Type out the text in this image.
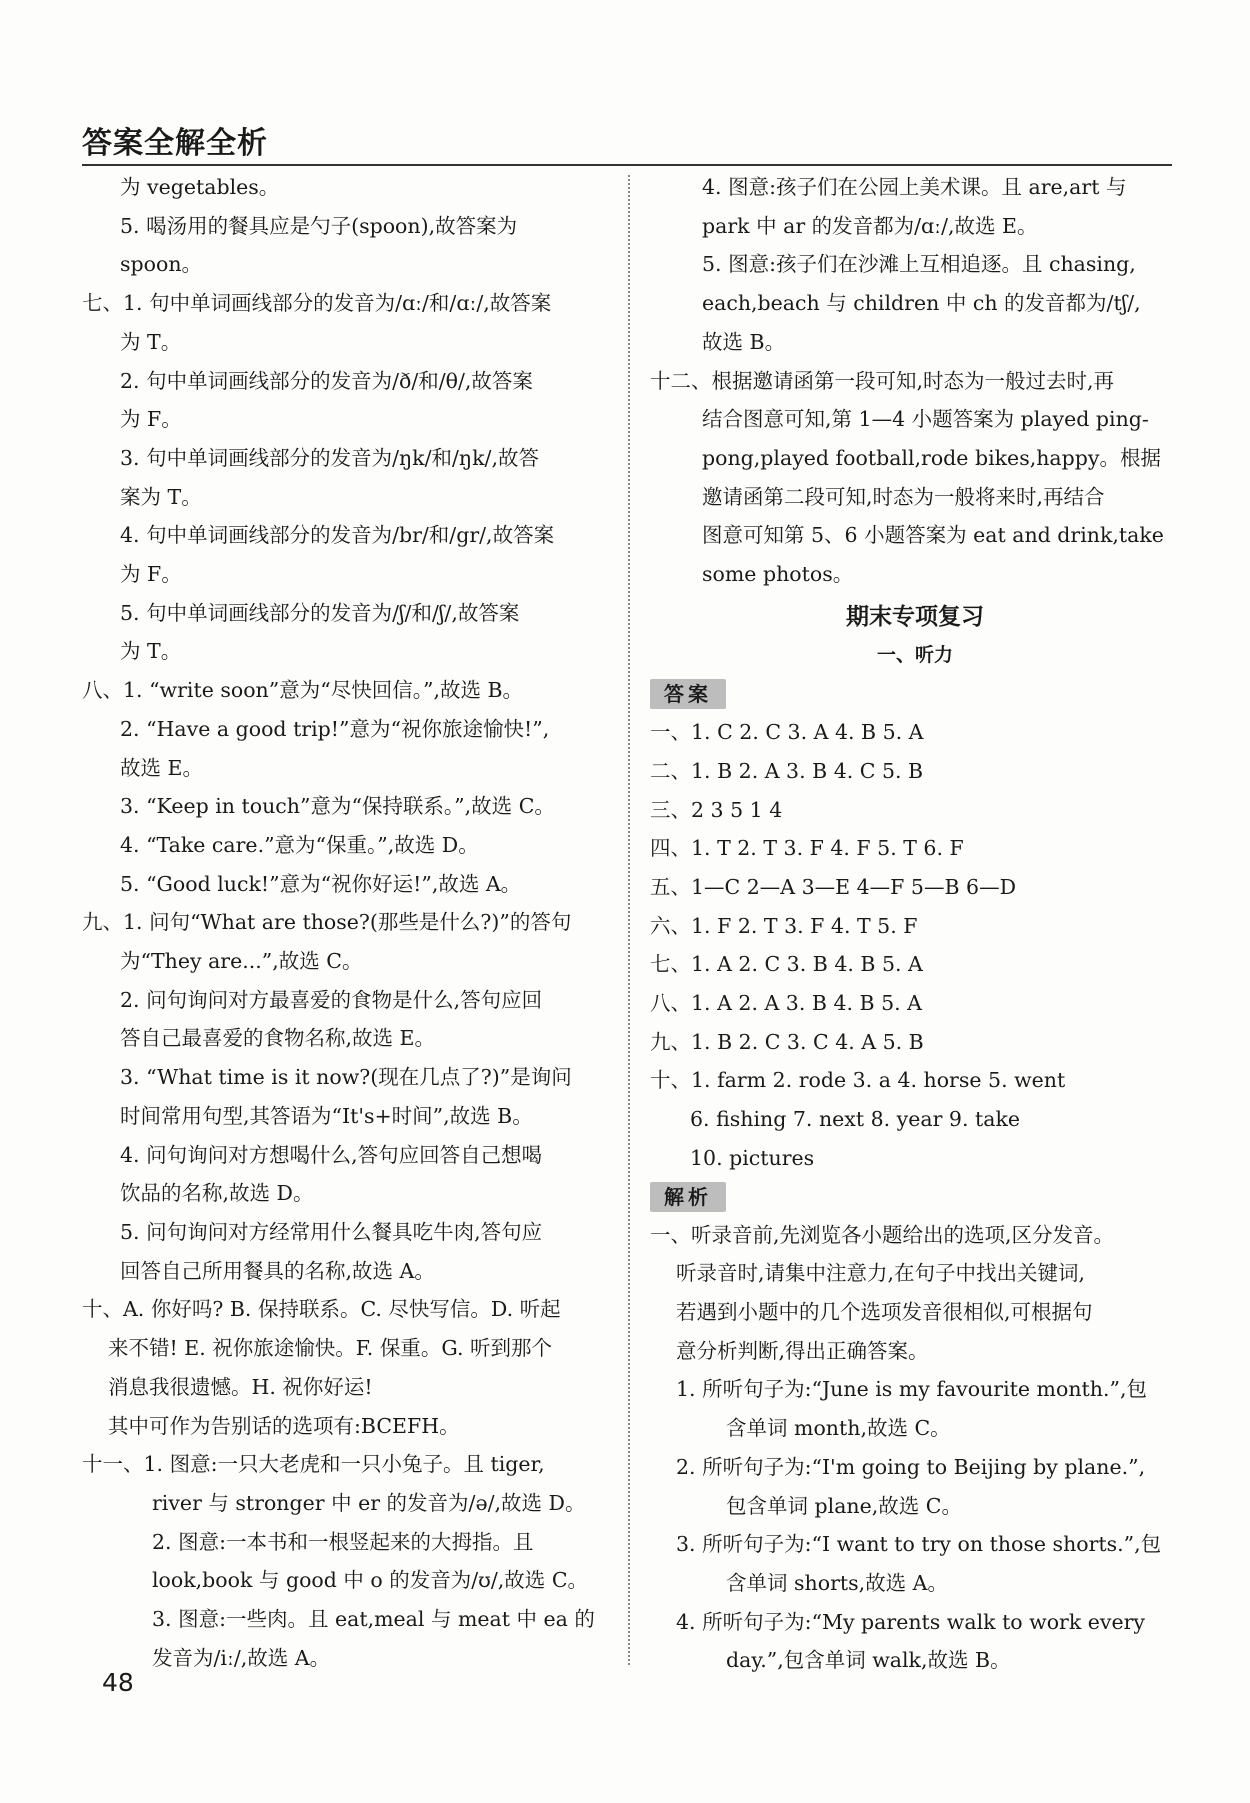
答案全解全析
为 vegetables。
5. 喝汤用的餐具应是勺子(spoon),故答案为
spoon。
七、1. 句中单词画线部分的发音为/ɑː/和/ɑː/,故答案
为 T。
2. 句中单词画线部分的发音为/ð/和/θ/,故答案
为 F。
3. 句中单词画线部分的发音为/ŋk/和/ŋk/,故答
案为 T。
4. 句中单词画线部分的发音为/br/和/gr/,故答案
为 F。
5. 句中单词画线部分的发音为/ʃ/和/ʃ/,故答案
为 T。
八、1. “write soon”意为“尽快回信。”,故选 B。
2. “Have a good trip!”意为“祝你旅途愉快!”,
故选 E。
3. “Keep in touch”意为“保持联系。”,故选 C。
4. “Take care.”意为“保重。”,故选 D。
5. “Good luck!”意为“祝你好运!”,故选 A。
九、1. 问句“What are those?(那些是什么?)”的答句
为“They are...”,故选 C。
2. 问句询问对方最喜爱的食物是什么,答句应回
答自己最喜爱的食物名称,故选 E。
3. “What time is it now?(现在几点了?)”是询问
时间常用句型,其答语为“It's+时间”,故选 B。
4. 问句询问对方想喝什么,答句应回答自己想喝
饮品的名称,故选 D。
5. 问句询问对方经常用什么餐具吃牛肉,答句应
回答自己所用餐具的名称,故选 A。
十、A. 你好吗? B. 保持联系。C. 尽快写信。D. 听起
来不错! E. 祝你旅途愉快。F. 保重。G. 听到那个
消息我很遗憾。H. 祝你好运!
其中可作为告别话的选项有:BCEFH。
十一、1. 图意:一只大老虎和一只小兔子。且 tiger,
river 与 stronger 中 er 的发音为/ə/,故选 D。
2. 图意:一本书和一根竖起来的大拇指。且
look,book 与 good 中 o 的发音为/ʊ/,故选 C。
3. 图意:一些肉。且 eat,meal 与 meat 中 ea 的
发音为/iː/,故选 A。
4. 图意:孩子们在公园上美术课。且 are,art 与
park 中 ar 的发音都为/ɑː/,故选 E。
5. 图意:孩子们在沙滩上互相追逐。且 chasing,
each,beach 与 children 中 ch 的发音都为/tʃ/,
故选 B。
十二、根据邀请函第一段可知,时态为一般过去时,再
结合图意可知,第 1—4 小题答案为 played ping-
pong,played football,rode bikes,happy。根据
邀请函第二段可知,时态为一般将来时,再结合
图意可知第 5、6 小题答案为 eat and drink,take
some photos。
期末专项复习
一、听力
答案
一、1. C 2. C 3. A 4. B 5. A
二、1. B 2. A 3. B 4. C 5. B
三、2 3 5 1 4
四、1. T 2. T 3. F 4. F 5. T 6. F
五、1—C 2—A 3—E 4—F 5—B 6—D
六、1. F 2. T 3. F 4. T 5. F
七、1. A 2. C 3. B 4. B 5. A
八、1. A 2. A 3. B 4. B 5. A
九、1. B 2. C 3. C 4. A 5. B
十、1. farm 2. rode 3. a 4. horse 5. went
6. fishing 7. next 8. year 9. take
10. pictures
解析
一、听录音前,先浏览各小题给出的选项,区分发音。
听录音时,请集中注意力,在句子中找出关键词,
若遇到小题中的几个选项发音很相似,可根据句
意分析判断,得出正确答案。
1. 所听句子为:“June is my favourite month.”,包
含单词 month,故选 C。
2. 所听句子为:“I'm going to Beijing by plane.”,
包含单词 plane,故选 C。
3. 所听句子为:“I want to try on those shorts.”,包
含单词 shorts,故选 A。
4. 所听句子为:“My parents walk to work every
day.”,包含单词 walk,故选 B。
48
